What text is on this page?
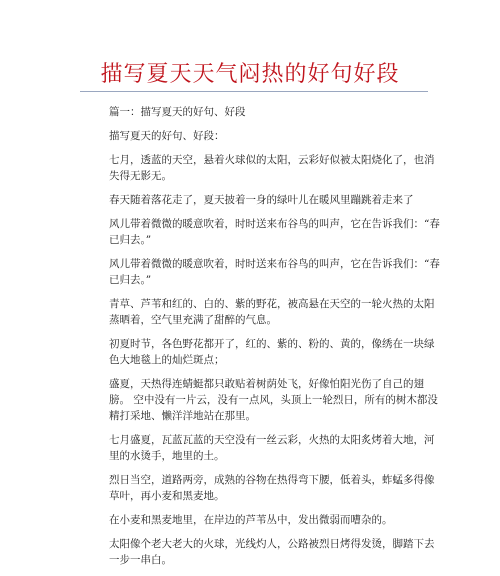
描写夏天天气闷热的好句好段

篇一：描写夏天的好句、好段

描写夏天的好句、好段：

七月，透蓝的天空，悬着火球似的太阳，云彩好似被太阳烧化了，也消失得无影无。

春天随着落花走了，夏天披着一身的绿叶儿在暖风里蹦跳着走来了

风儿带着微微的暖意吹着，时时送来布谷鸟的叫声，它在告诉我们：“春已归去。”

风儿带着微微的暖意吹着，时时送来布谷鸟的叫声，它在告诉我们：“春已归去。”

青草、芦苇和红的、白的、紫的野花，被高悬在天空的一轮火热的太阳蒸晒着，空气里充满了甜醉的气息。

初夏时节，各色野花都开了，红的、紫的、粉的、黄的，像绣在一块绿色大地毯上的灿烂斑点；

盛夏，天热得连蜻蜓都只敢贴着树荫处飞，好像怕阳光伤了自己的翅膀。 空中没有一片云，没有一点风，头顶上一轮烈日，所有的树木都没精打采地、懒洋洋地站在那里。

七月盛夏，瓦蓝瓦蓝的天空没有一丝云彩，火热的太阳炙烤着大地，河里的水烫手，地里的土。

烈日当空，道路两旁，成熟的谷物在热得弯下腰，低着头，蚱蜢多得像草叶，再小麦和黑麦地。

在小麦和黑麦地里，在岸边的芦苇丛中，发出微弱而嘈杂的。

太阳像个老大老大的火球，光线灼人，公路被烈日烤得发烫，脚踏下去一步一串白。
